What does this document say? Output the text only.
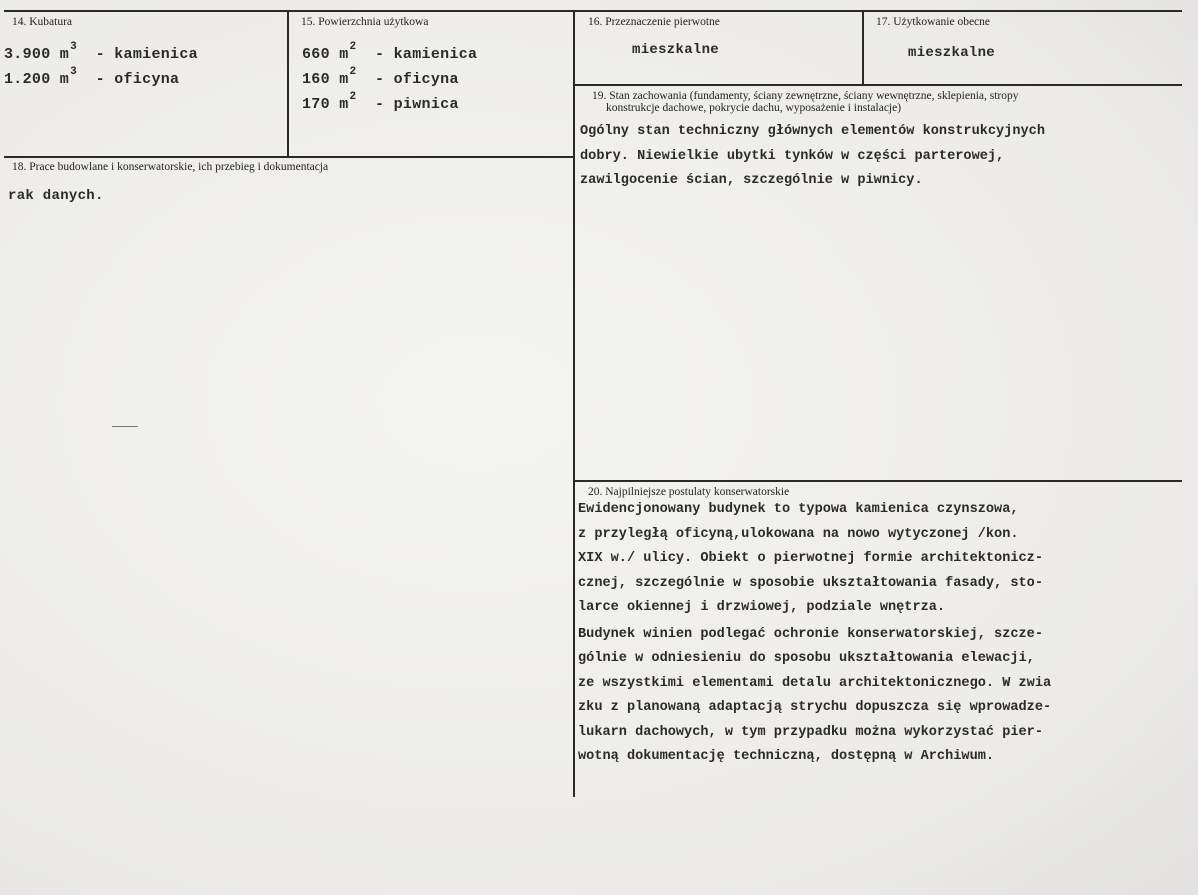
14. Kubatura
3.900 $m^3$ - kamienica
1.200 $m^3$ - oficyna
15. Powierzchnia użytkowa
660 $m^2$ - kamienica
160 $m^2$ - oficyna
170 $m^2$ - piwnica
16. Przeznaczenie pierwotne
mieszkalne
17. Użytkowanie obecne
mieszkalne
18. Prace budowlane i konserwatorskie, ich przebieg i dokumentacja
rak danych.
19. Stan zachowania (fundamenty, ściany zewnętrzne, ściany wewnętrzne, sklepienia, stropy
konstrukcje dachowe, pokrycie dachu, wyposażenie i instalacje)
Ogólny stan techniczny głównych elementów konstrukcyjnych
dobry. Niewielkie ubytki tynków w części parterowej,
zawilgocenie ścian, szczególnie w piwnicy.
20. Najpilniejsze postulaty konserwatorskie
Ewidencjonowany budynek to typowa kamienica czynszowa,
z przyległą oficyną,ulokowana na nowo wytyczonej /kon.
XIX w./ ulicy. Obiekt o pierwotnej formie architektonicz-
cznej, szczególnie w sposobie ukształtowania fasady, sto-
larce okiennej i drzwiowej, podziale wnętrza.
Budynek winien podlegać ochronie konserwatorskiej, szcze-
gólnie w odniesieniu do sposobu ukształtowania elewacji,
ze wszystkimi elementami detalu architektonicznego. W zwia
zku z planowaną adaptacją strychu dopuszcza się wprowadze-
lukarn dachowych, w tym przypadku można wykorzystać pier-
wotną dokumentację techniczną, dostępną w Archiwum.
